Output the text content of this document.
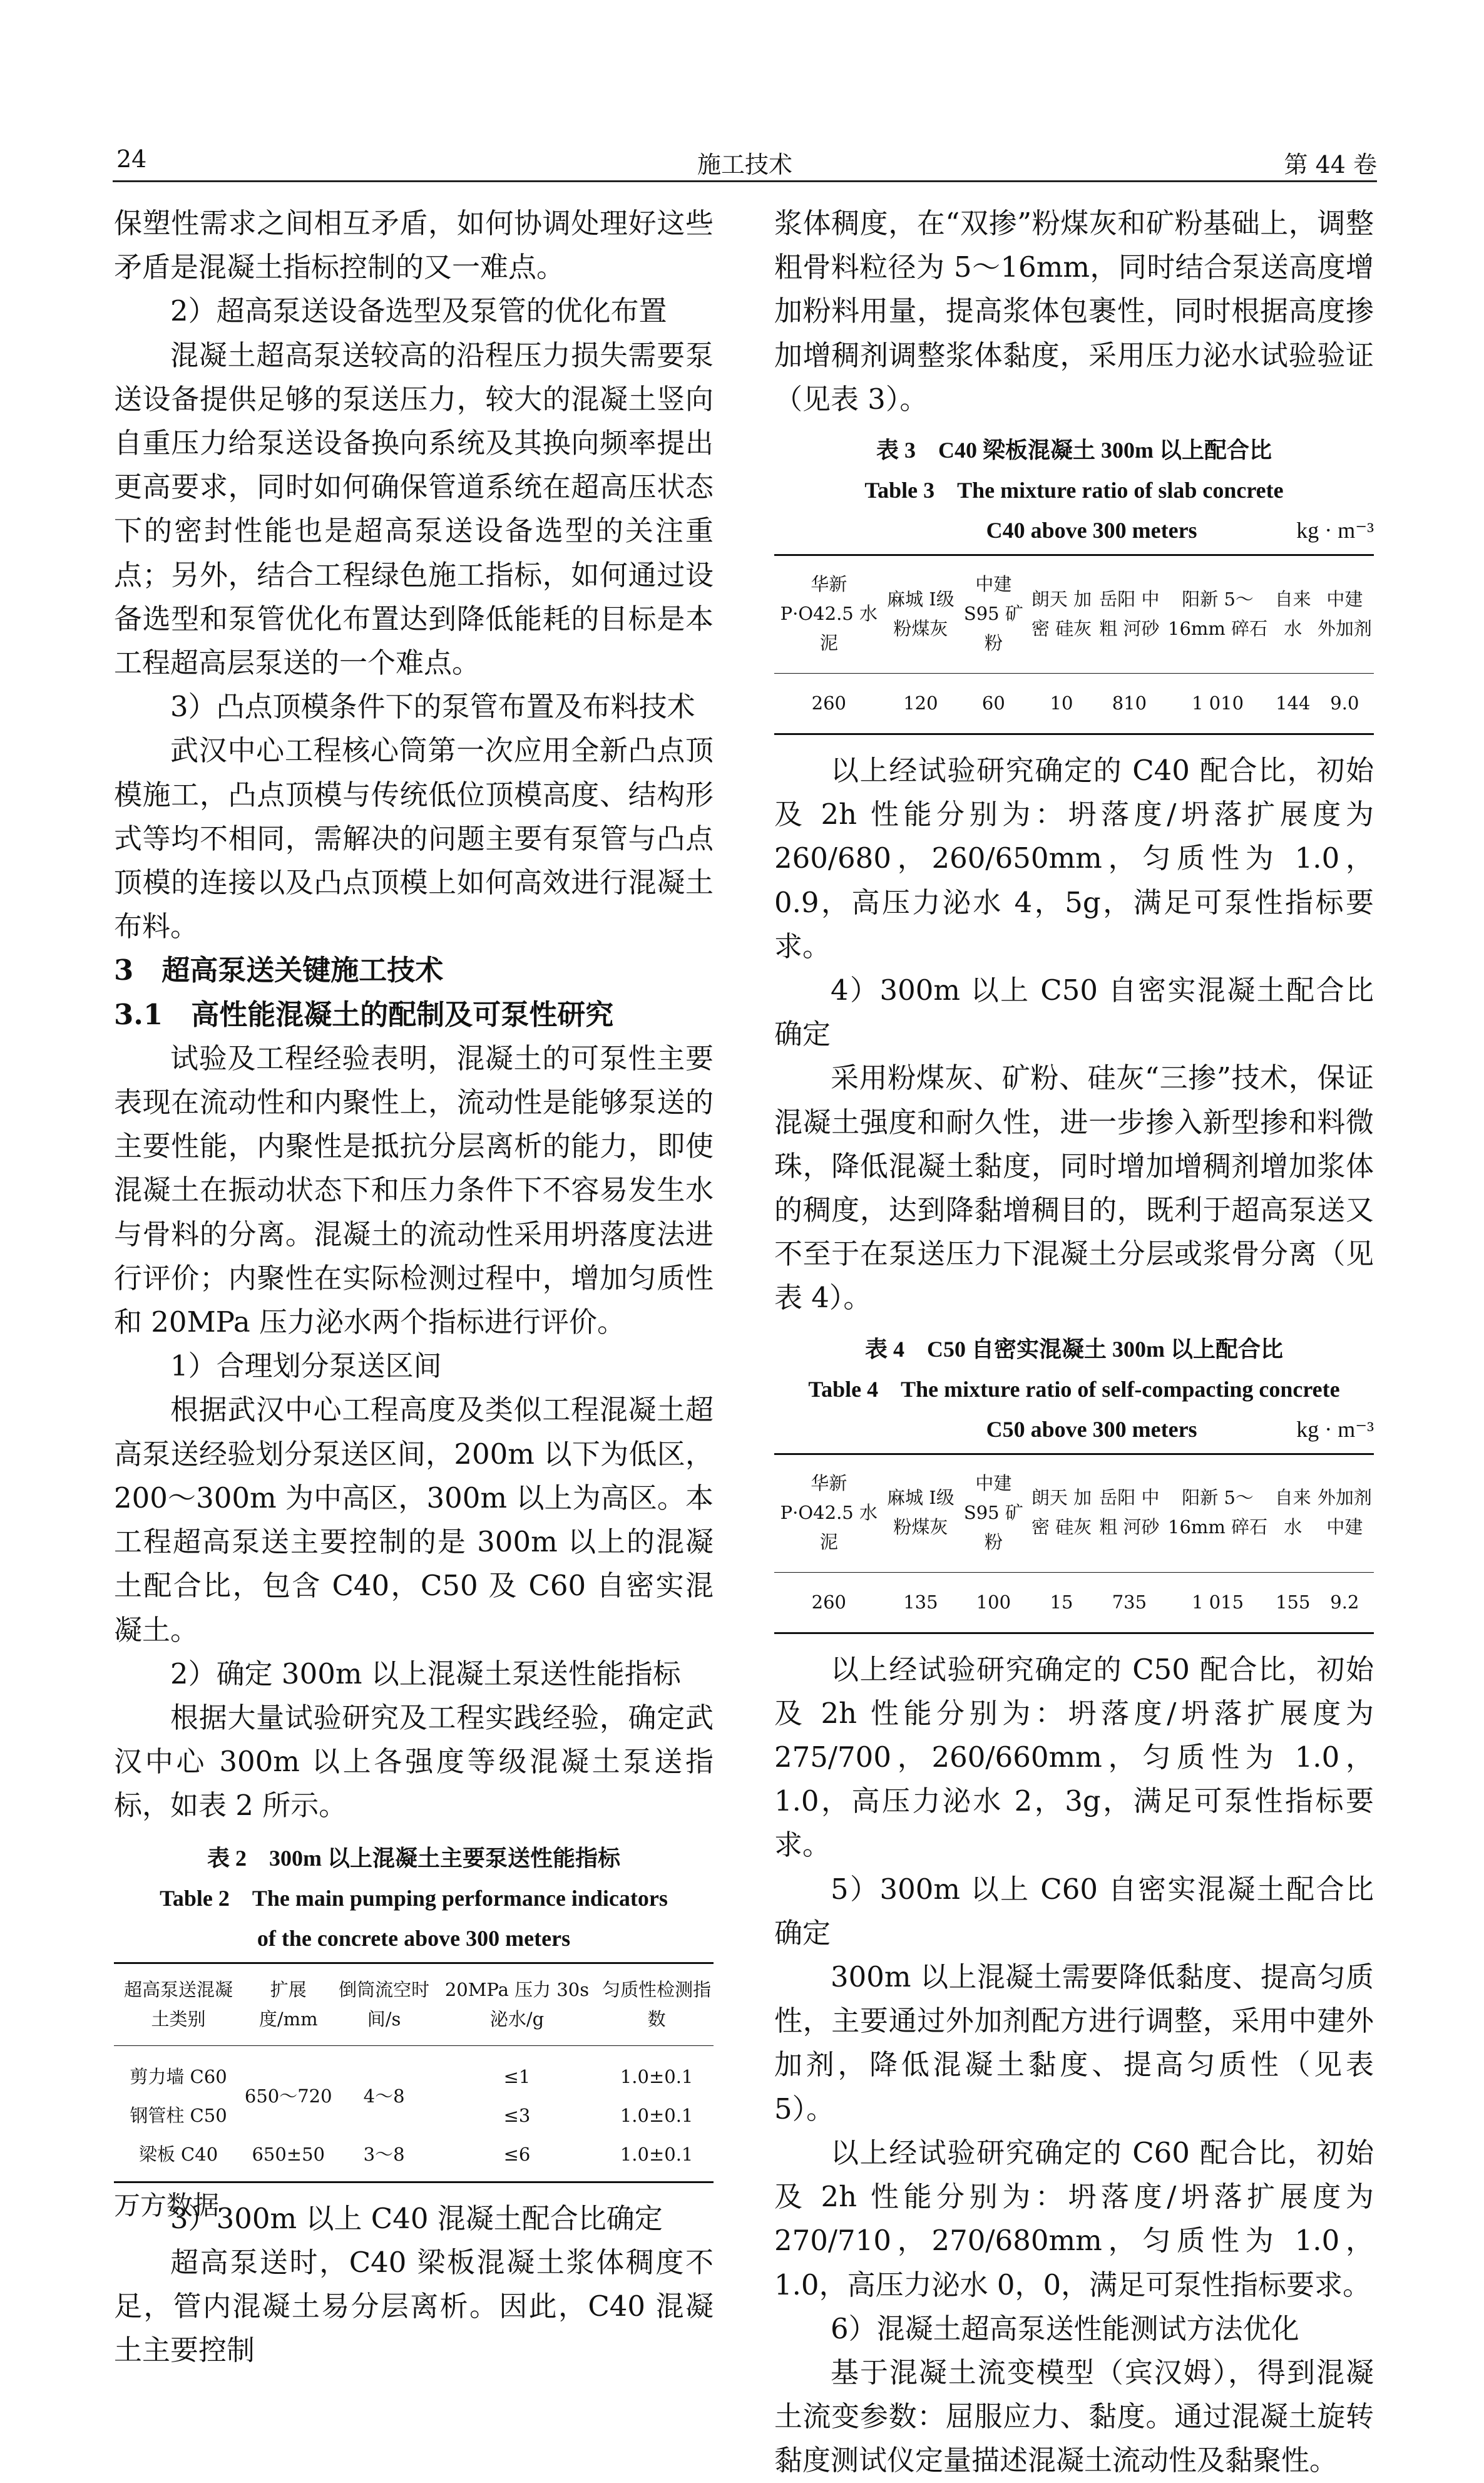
24	施工技术	第 44 卷

保塑性需求之间相互矛盾，如何协调处理好这些矛盾是混凝土指标控制的又一难点。

2）超高泵送设备选型及泵管的优化布置

混凝土超高泵送较高的沿程压力损失需要泵送设备提供足够的泵送压力，较大的混凝土竖向自重压力给泵送设备换向系统及其换向频率提出更高要求，同时如何确保管道系统在超高压状态下的密封性能也是超高泵送设备选型的关注重点；另外，结合工程绿色施工指标，如何通过设备选型和泵管优化布置达到降低能耗的目标是本工程超高层泵送的一个难点。

3）凸点顶模条件下的泵管布置及布料技术

武汉中心工程核心筒第一次应用全新凸点顶模施工，凸点顶模与传统低位顶模高度、结构形式等均不相同，需解决的问题主要有泵管与凸点顶模的连接以及凸点顶模上如何高效进行混凝土布料。

3　超高泵送关键施工技术

3.1　高性能混凝土的配制及可泵性研究

试验及工程经验表明，混凝土的可泵性主要表现在流动性和内聚性上，流动性是能够泵送的主要性能，内聚性是抵抗分层离析的能力，即使混凝土在振动状态下和压力条件下不容易发生水与骨料的分离。混凝土的流动性采用坍落度法进行评价；内聚性在实际检测过程中，增加匀质性和 20MPa 压力泌水两个指标进行评价。

1）合理划分泵送区间

根据武汉中心工程高度及类似工程混凝土超高泵送经验划分泵送区间，200m 以下为低区，200～300m 为中高区，300m 以上为高区。本工程超高泵送主要控制的是 300m 以上的混凝土配合比，包含 C40，C50 及 C60 自密实混凝土。

2）确定 300m 以上混凝土泵送性能指标

根据大量试验研究及工程实践经验，确定武汉中心 300m 以上各强度等级混凝土泵送指标，如表 2 所示。

表 2　300m 以上混凝土主要泵送性能指标
Table 2　The main pumping performance indicators
of the concrete above 300 meters
超高泵送混凝土类别	扩展度/mm	倒筒流空时间/s	20MPa 压力 30s 泌水/g	匀质性检测指数
剪力墙 C60	650～720	4～8	≤1	1.0±0.1
钢管柱 C50			≤3	1.0±0.1
梁板 C40	650±50	3～8	≤6	1.0±0.1

3）300m 以上 C40 混凝土配合比确定

超高泵送时，C40 梁板混凝土浆体稠度不足，管内混凝土易分层离析。因此，C40 混凝土主要控制

浆体稠度，在“双掺”粉煤灰和矿粉基础上，调整粗骨料粒径为 5～16mm，同时结合泵送高度增加粉料用量，提高浆体包裹性，同时根据高度掺加增稠剂调整浆体黏度，采用压力泌水试验验证（见表 3）。

表 3　C40 梁板混凝土 300m 以上配合比
Table 3　The mixture ratio of slab concrete
C40 above 300 meters	kg · m⁻³
华新 P·O42.5 水泥	麻城 Ⅰ级 粉煤灰	中建 S95 矿粉	朗天 加密 硅灰	岳阳 中粗 河砂	阳新 5～16mm 碎石	自来水	中建 外加剂
260	120	60	10	810	1 010	144	9.0

以上经试验研究确定的 C40 配合比，初始及 2h 性能分别为：坍落度/坍落扩展度为 260/680，260/650mm，匀质性为 1.0，0.9，高压力泌水 4，5g，满足可泵性指标要求。

4）300m 以上 C50 自密实混凝土配合比确定

采用粉煤灰、矿粉、硅灰“三掺”技术，保证混凝土强度和耐久性，进一步掺入新型掺和料微珠，降低混凝土黏度，同时增加增稠剂增加浆体的稠度，达到降黏增稠目的，既利于超高泵送又不至于在泵送压力下混凝土分层或浆骨分离（见表 4）。

表 4　C50 自密实混凝土 300m 以上配合比
Table 4　The mixture ratio of self-compacting concrete
C50 above 300 meters	kg · m⁻³
华新 P·O42.5 水泥	麻城 Ⅰ级 粉煤灰	中建 S95 矿粉	朗天 加密 硅灰	岳阳 中粗 河砂	阳新 5～16mm 碎石	自来水	外加剂 中建
260	135	100	15	735	1 015	155	9.2

以上经试验研究确定的 C50 配合比，初始及 2h 性能分别为：坍落度/坍落扩展度为 275/700，260/660mm，匀质性为 1.0，1.0，高压力泌水 2，3g，满足可泵性指标要求。

5）300m 以上 C60 自密实混凝土配合比确定

300m 以上混凝土需要降低黏度、提高匀质性，主要通过外加剂配方进行调整，采用中建外加剂，降低混凝土黏度、提高匀质性（见表 5）。

以上经试验研究确定的 C60 配合比，初始及 2h 性能分别为：坍落度/坍落扩展度为 270/710，270/680mm，匀质性为 1.0，1.0，高压力泌水 0，0，满足可泵性指标要求。

6）混凝土超高泵送性能测试方法优化

基于混凝土流变模型（宾汉姆），得到混凝土流变参数：屈服应力、黏度。通过混凝土旋转黏度测试仪定量描述混凝土流动性及黏聚性。

万方数据
